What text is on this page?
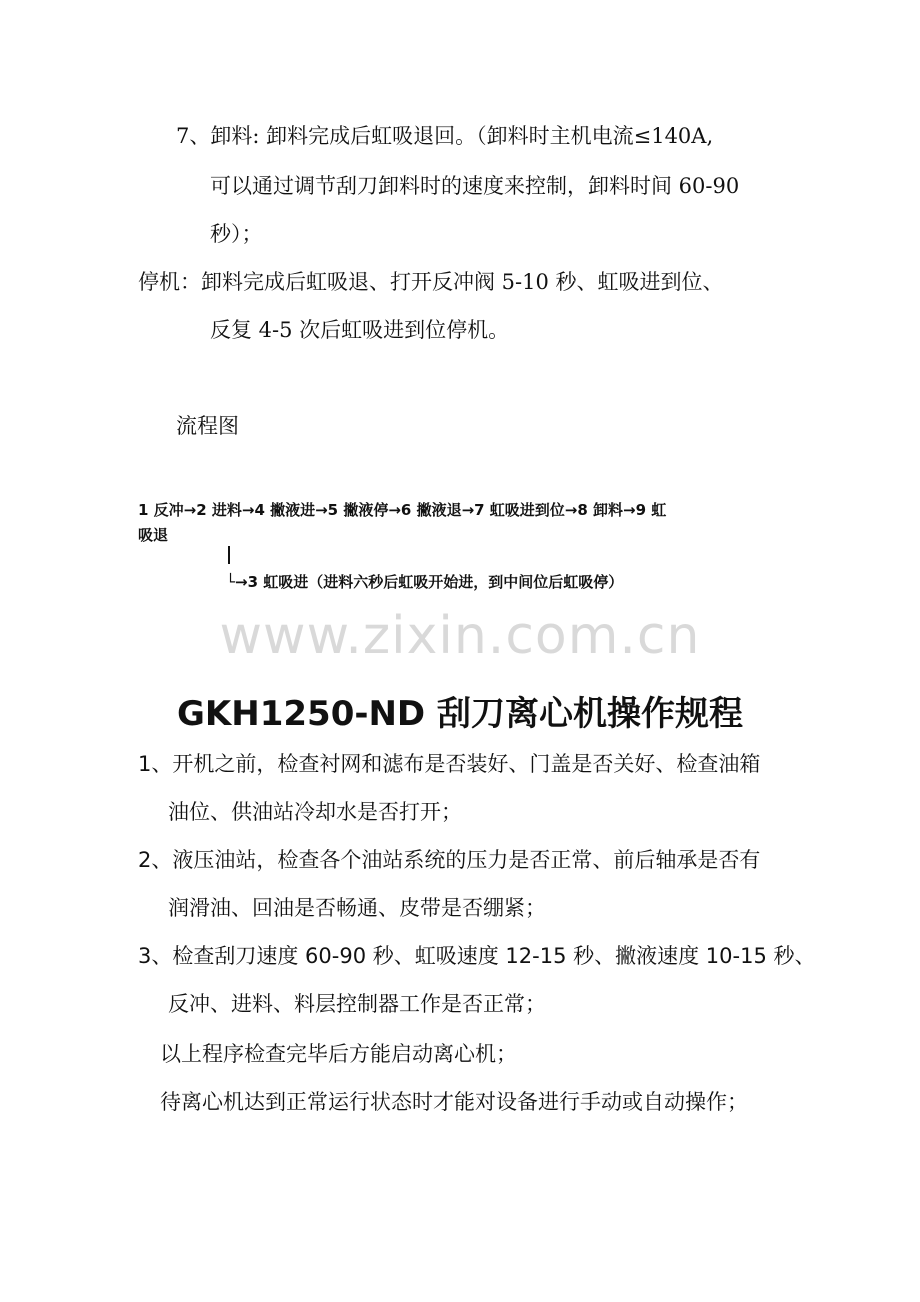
7、卸料: 卸料完成后虹吸退回。（卸料时主机电流≤140A,
可以通过调节刮刀卸料时的速度来控制，卸料时间 60-90
秒）；
停机：卸料完成后虹吸退、打开反冲阀 5-10 秒、虹吸进到位、
反复 4-5 次后虹吸进到位停机。
流程图
1 反冲→2 进料→4 撇液进→5 撇液停→6 撇液退→7 虹吸进到位→8 卸料→9 虹
吸退
└→3 虹吸进（进料六秒后虹吸开始进，到中间位后虹吸停）
www.zixin.com.cn
GKH1250-ND 刮刀离心机操作规程
1、开机之前，检查衬网和滤布是否装好、门盖是否关好、检查油箱
油位、供油站冷却水是否打开；
2、液压油站，检查各个油站系统的压力是否正常、前后轴承是否有
润滑油、回油是否畅通、皮带是否绷紧；
3、检查刮刀速度 60-90 秒、虹吸速度 12-15 秒、撇液速度 10-15 秒、
反冲、进料、料层控制器工作是否正常；
以上程序检查完毕后方能启动离心机；
待离心机达到正常运行状态时才能对设备进行手动或自动操作；
